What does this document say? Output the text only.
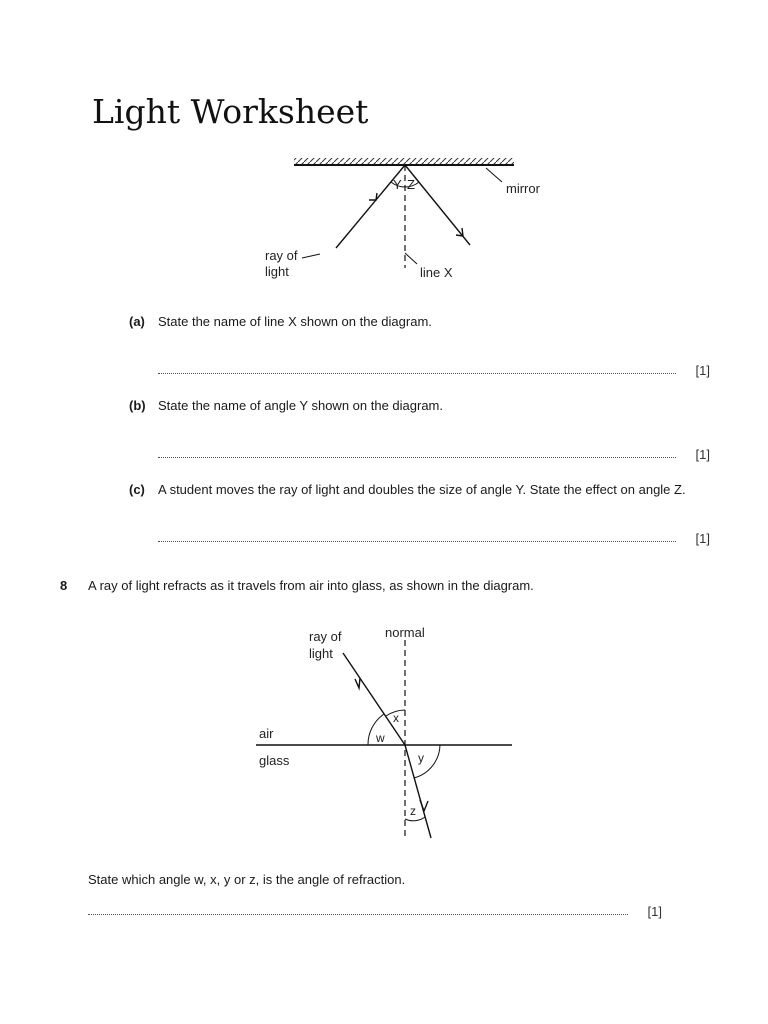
Light Worksheet
Y Z	mirror
ray of
light	line X
(a) State the name of line X shown on the diagram.
[1]
(b) State the name of angle Y shown on the diagram.
[1]
(c) A student moves the ray of light and doubles the size of angle Y. State the effect on angle Z.
[1]
8 A ray of light refracts as it travels from air into glass, as shown in the diagram.
w
x
y
z
ray of
light
normal
air
glass
State which angle w, x, y or z, is the angle of refraction.
[1]
